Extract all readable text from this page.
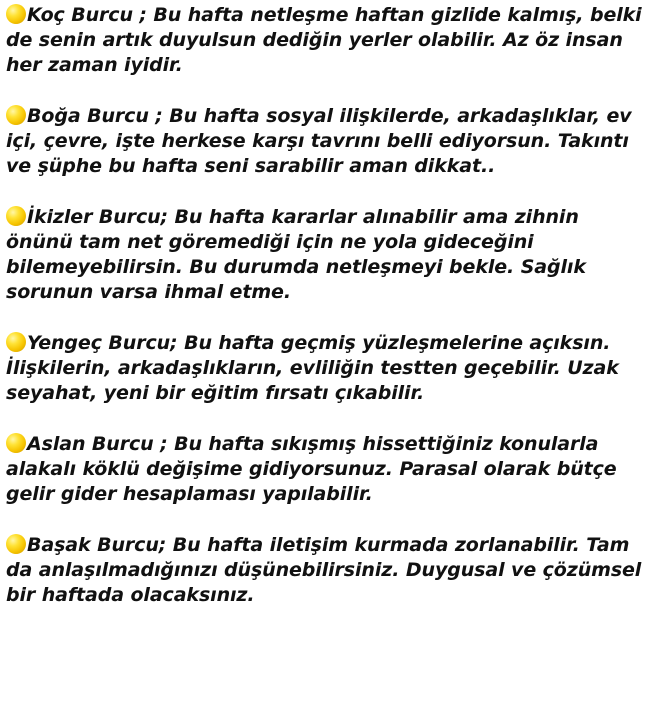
Koç Burcu ; Bu hafta netleşme haftan gizlide kalmış, belki de senin artık duyulsun dediğin yerler olabilir. Az öz insan her zaman iyidir.

Boğa Burcu ; Bu hafta sosyal ilişkilerde, arkadaşlıklar, ev içi, çevre, işte herkese karşı tavrını belli ediyorsun. Takıntı ve şüphe bu hafta seni sarabilir aman dikkat..

İkizler Burcu; Bu hafta kararlar alınabilir ama zihnin önünü tam net göremediği için ne yola gideceğini bilemeyebilirsin. Bu durumda netleşmeyi bekle. Sağlık sorunun varsa ihmal etme.

Yengeç Burcu; Bu hafta geçmiş yüzleşmelerine açıksın. İlişkilerin, arkadaşlıkların, evliliğin testten geçebilir. Uzak seyahat, yeni bir eğitim fırsatı çıkabilir.

Aslan Burcu ; Bu hafta sıkışmış hissettiğiniz konularla alakalı köklü değişime gidiyorsunuz. Parasal olarak bütçe gelir gider hesaplaması yapılabilir.

Başak Burcu; Bu hafta iletişim kurmada zorlanabilir. Tam da anlaşılmadığınızı düşünebilirsiniz. Duygusal ve çözümsel bir haftada olacaksınız.
